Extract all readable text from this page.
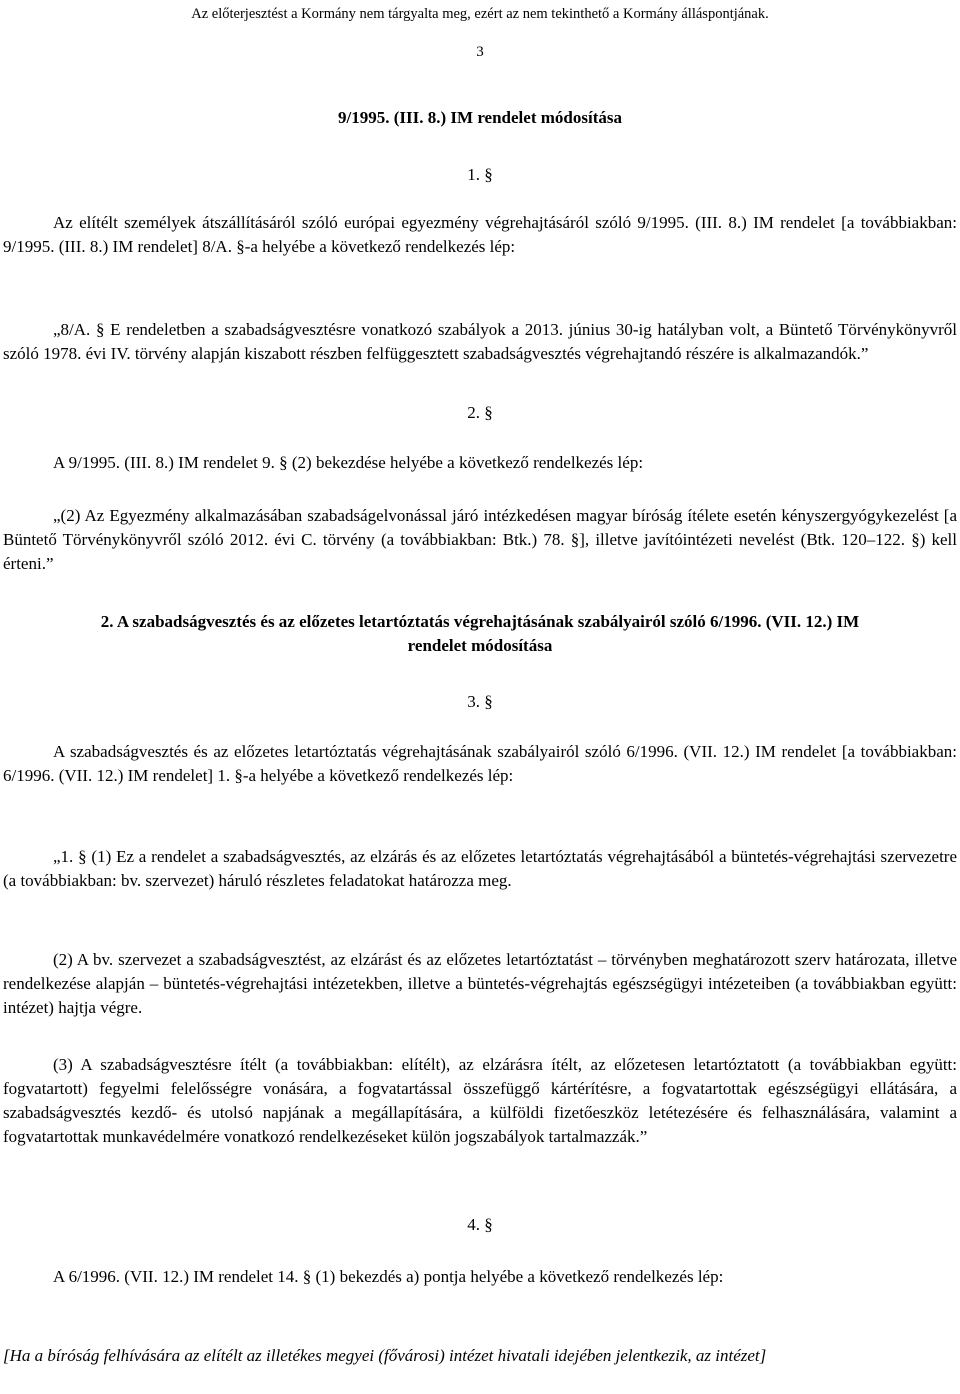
Az előterjesztést a Kormány nem tárgyalta meg, ezért az nem tekinthető a Kormány álláspontjának.
3
9/1995. (III. 8.) IM rendelet módosítása
1. §

Az elítélt személyek átszállításáról szóló európai egyezmény végrehajtásáról szóló 9/1995. (III. 8.) IM rendelet [a továbbiakban: 9/1995. (III. 8.) IM rendelet] 8/A. §-a helyébe a következő rendelkezés lép:

„8/A. § E rendeletben a szabadságvesztésre vonatkozó szabályok a 2013. június 30-ig hatályban volt, a Büntető Törvénykönyvről szóló 1978. évi IV. törvény alapján kiszabott részben felfüggesztett szabadságvesztés végrehajtandó részére is alkalmazandók.”

2. §

A 9/1995. (III. 8.) IM rendelet 9. § (2) bekezdése helyébe a következő rendelkezés lép:

„(2) Az Egyezmény alkalmazásában szabadságelvonással járó intézkedésen magyar bíróság ítélete esetén kényszergyógykezelést [a Büntető Törvénykönyvről szóló 2012. évi C. törvény (a továbbiakban: Btk.) 78. §], illetve javítóintézeti nevelést (Btk. 120–122. §) kell érteni.”

2. A szabadságvesztés és az előzetes letartóztatás végrehajtásának szabályairól szóló 6/1996. (VII. 12.) IM rendelet módosítása
3. §

A szabadságvesztés és az előzetes letartóztatás végrehajtásának szabályairól szóló 6/1996. (VII. 12.) IM rendelet [a továbbiakban: 6/1996. (VII. 12.) IM rendelet] 1. §-a helyébe a következő rendelkezés lép:

„1. § (1) Ez a rendelet a szabadságvesztés, az elzárás és az előzetes letartóztatás végrehajtásából a büntetés-végrehajtási szervezetre (a továbbiakban: bv. szervezet) háruló részletes feladatokat határozza meg.

(2) A bv. szervezet a szabadságvesztést, az elzárást és az előzetes letartóztatást – törvényben meghatározott szerv határozata, illetve rendelkezése alapján – büntetés-végrehajtási intézetekben, illetve a büntetés-végrehajtás egészségügyi intézeteiben (a továbbiakban együtt: intézet) hajtja végre.

(3) A szabadságvesztésre ítélt (a továbbiakban: elítélt), az elzárásra ítélt, az előzetesen letartóztatott (a továbbiakban együtt: fogvatartott) fegyelmi felelősségre vonására, a fogvatartással összefüggő kártérítésre, a fogvatartottak egészségügyi ellátására, a szabadságvesztés kezdő- és utolsó napjának a megállapítására, a külföldi fizetőeszköz letétezésére és felhasználására, valamint a fogvatartottak munkavédelmére vonatkozó rendelkezéseket külön jogszabályok tartalmazzák.”

4. §

A 6/1996. (VII. 12.) IM rendelet 14. § (1) bekezdés a) pontja helyébe a következő rendelkezés lép:

[Ha a bíróság felhívására az elítélt az illetékes megyei (fővárosi) intézet hivatali idejében jelentkezik, az intézet]
